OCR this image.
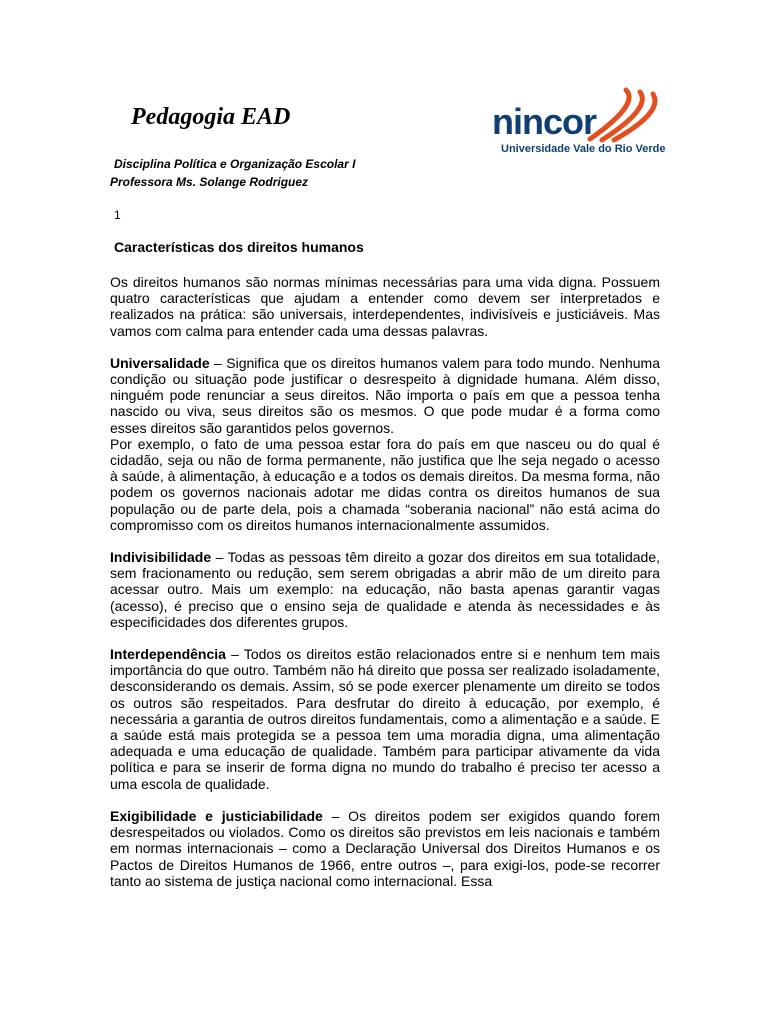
Pedagogia EAD	nincor
Universidade Vale do Rio Verde
Disciplina Política e Organização Escolar I
Professora Ms. Solange Rodriguez
1
Características dos direitos humanos

Os direitos humanos são normas mínimas necessárias para uma vida digna. Possuem quatro características que ajudam a entender como devem ser interpretados e realizados na prática: são universais, interdependentes, indivisíveis e justiciáveis. Mas vamos com calma para entender cada uma dessas palavras.

Universalidade – Significa que os direitos humanos valem para todo mundo. Nenhuma condição ou situação pode justificar o desrespeito à dignidade humana. Além disso, ninguém pode renunciar a seus direitos. Não importa o país em que a pessoa tenha nascido ou viva, seus direitos são os mesmos. O que pode mudar é a forma como esses direitos são garantidos pelos governos.

Por exemplo, o fato de uma pessoa estar fora do país em que nasceu ou do qual é cidadão, seja ou não de forma permanente, não justifica que lhe seja negado o acesso à saúde, à alimentação, à educação e a todos os demais direitos. Da mesma forma, não podem os governos nacionais adotar me didas contra os direitos humanos de sua população ou de parte dela, pois a chamada “soberania nacional” não está acima do compromisso com os direitos humanos internacionalmente assumidos.

Indivisibilidade – Todas as pessoas têm direito a gozar dos direitos em sua totalidade, sem fracionamento ou redução, sem serem obrigadas a abrir mão de um direito para acessar outro. Mais um exemplo: na educação, não basta apenas garantir vagas (acesso), é preciso que o ensino seja de qualidade e atenda às necessidades e às especificidades dos diferentes grupos.

Interdependência – Todos os direitos estão relacionados entre si e nenhum tem mais importância do que outro. Também não há direito que possa ser realizado isoladamente, desconsiderando os demais. Assim, só se pode exercer plenamente um direito se todos os outros são respeitados. Para desfrutar do direito à educação, por exemplo, é necessária a garantia de outros direitos fundamentais, como a alimentação e a saúde. E a saúde está mais protegida se a pessoa tem uma moradia digna, uma alimentação adequada e uma educação de qualidade. Também para participar ativamente da vida política e para se inserir de forma digna no mundo do trabalho é preciso ter acesso a uma escola de qualidade.

Exigibilidade e justiciabilidade – Os direitos podem ser exigidos quando forem desrespeitados ou violados. Como os direitos são previstos em leis nacionais e também em normas internacionais – como a Declaração Universal dos Direitos Humanos e os Pactos de Direitos Humanos de 1966, entre outros –, para exigi-los, pode-se recorrer tanto ao sistema de justiça nacional como internacional. Essa
